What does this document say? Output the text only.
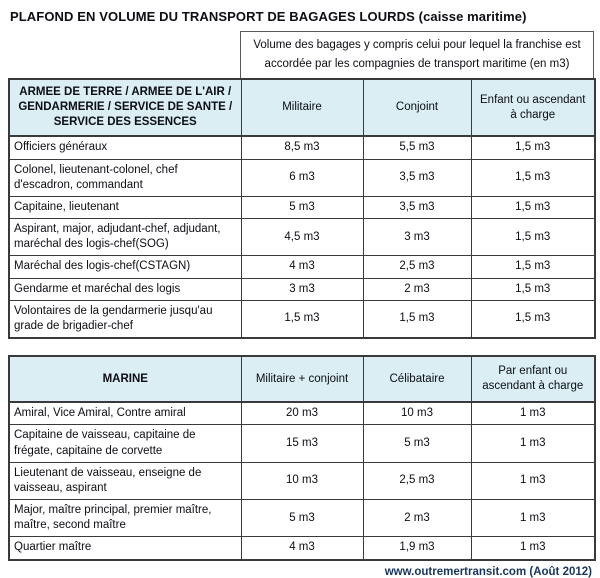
PLAFOND EN VOLUME DU TRANSPORT DE BAGAGES LOURDS (caisse maritime)
Volume des bagages y compris celui pour lequel la franchise est accordée par les compagnies de transport maritime (en m3)
ARMEE DE TERRE / ARMEE DE L'AIR / GENDARMERIE / SERVICE DE SANTE / SERVICE DES ESSENCES	Militaire	Conjoint	Enfant ou ascendant à charge
Officiers généraux	8,5 m3	5,5 m3	1,5 m3
Colonel, lieutenant-colonel, chef d'escadron, commandant	6 m3	3,5 m3	1,5 m3
Capitaine, lieutenant	5 m3	3,5 m3	1,5 m3
Aspirant, major, adjudant-chef, adjudant, maréchal des logis-chef(SOG)	4,5 m3	3 m3	1,5 m3
Maréchal des logis-chef(CSTAGN)	4 m3	2,5 m3	1,5 m3
Gendarme et maréchal des logis	3 m3	2 m3	1,5 m3
Volontaires de la gendarmerie jusqu'au grade de brigadier-chef	1,5 m3	1,5 m3	1,5 m3
MARINE	Militaire + conjoint	Célibataire	Par enfant ou ascendant à charge
Amiral, Vice Amiral, Contre amiral	20 m3	10 m3	1 m3
Capitaine de vaisseau, capitaine de frégate, capitaine de corvette	15 m3	5 m3	1 m3
Lieutenant de vaisseau, enseigne de vaisseau, aspirant	10 m3	2,5 m3	1 m3
Major, maître principal, premier maître, maître, second maître	5 m3	2 m3	1 m3
Quartier maître	4 m3	1,9 m3	1 m3
www.outremertransit.com (Août 2012)
